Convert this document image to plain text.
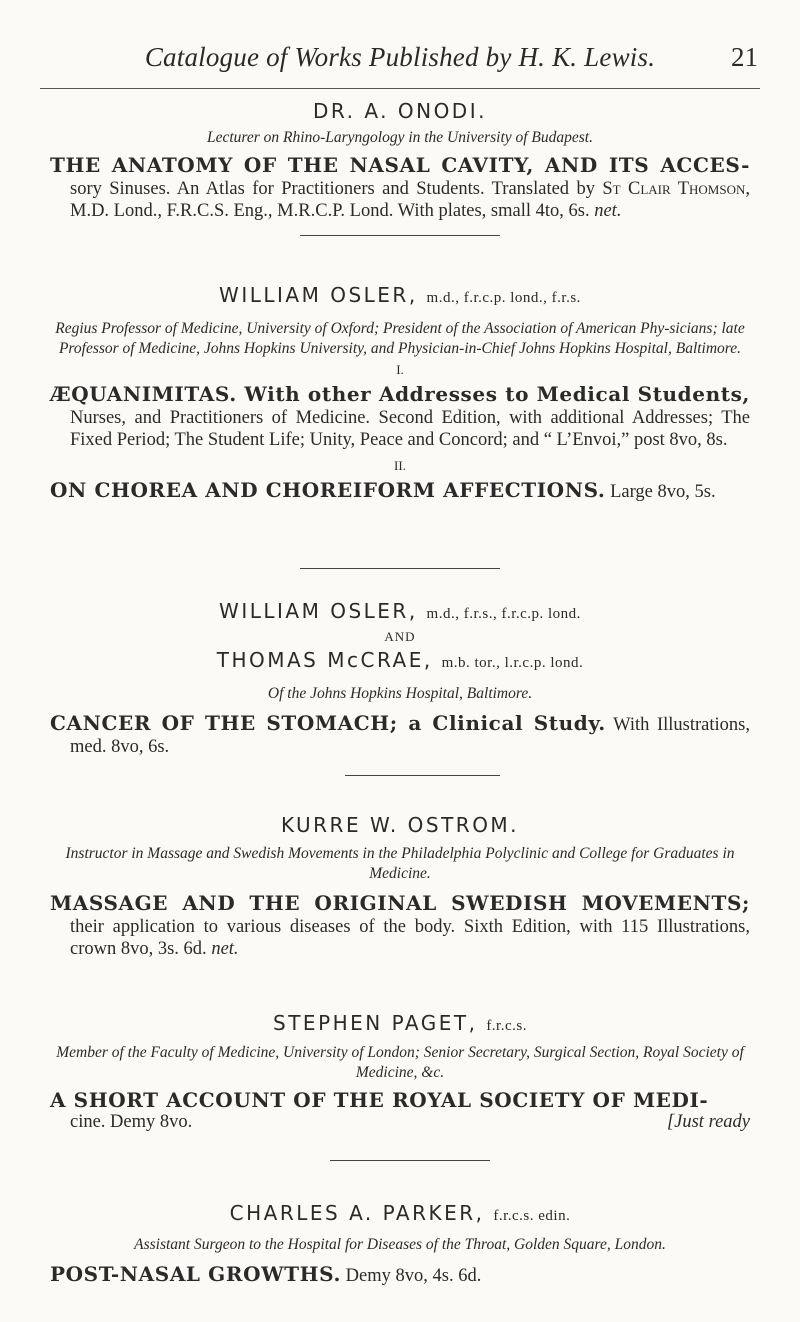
Catalogue of Works Published by H. K. Lewis.	21
DR. A. ONODI.
Lecturer on Rhino-Laryngology in the University of Budapest.
THE ANATOMY OF THE NASAL CAVITY, AND ITS ACCES- sory Sinuses. An Atlas for Practitioners and Students. Translated by St Clair Thomson, M.D. Lond., F.R.C.S. Eng., M.R.C.P. Lond. With plates, small 4to, 6s. net.
WILLIAM OSLER, m.d., f.r.c.p. lond., f.r.s.
Regius Professor of Medicine, University of Oxford; President of the Association of American Phy-sicians; late Professor of Medicine, Johns Hopkins University, and Physician-in-Chief Johns Hopkins Hospital, Baltimore.
I.
ÆQUANIMITAS. With other Addresses to Medical Students, Nurses, and Practitioners of Medicine. Second Edition, with additional Addresses; The Fixed Period; The Student Life; Unity, Peace and Concord; and “ L’Envoi,” post 8vo, 8s.
II.
ON CHOREA AND CHOREIFORM AFFECTIONS. Large 8vo, 5s.
WILLIAM OSLER, m.d., f.r.s., f.r.c.p. lond.
AND
THOMAS McCRAE, m.b. tor., l.r.c.p. lond.
Of the Johns Hopkins Hospital, Baltimore.
CANCER OF THE STOMACH; a Clinical Study. With Illustrations, med. 8vo, 6s.
KURRE W. OSTROM.
Instructor in Massage and Swedish Movements in the Philadelphia Polyclinic and College for Graduates in Medicine.
MASSAGE AND THE ORIGINAL SWEDISH MOVEMENTS; their application to various diseases of the body. Sixth Edition, with 115 Illustrations, crown 8vo, 3s. 6d. net.
STEPHEN PAGET, f.r.c.s.
Member of the Faculty of Medicine, University of London; Senior Secretary, Surgical Section, Royal Society of Medicine, &c.
A SHORT ACCOUNT OF THE ROYAL SOCIETY OF MEDI-
cine. Demy 8vo.	[Just ready
CHARLES A. PARKER, f.r.c.s. edin.
Assistant Surgeon to the Hospital for Diseases of the Throat, Golden Square, London.
POST-NASAL GROWTHS. Demy 8vo, 4s. 6d.
